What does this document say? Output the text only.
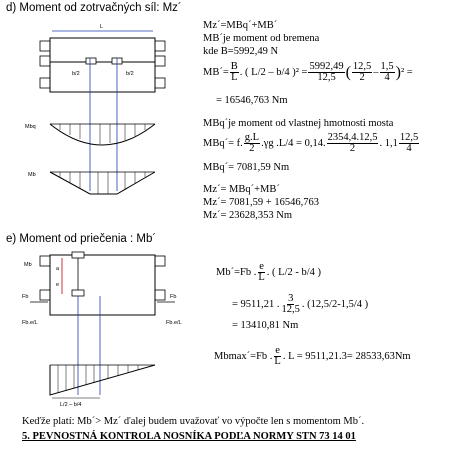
d) Moment od zotrvačných síl: Mz´
L
b/2	b/2
Mbq
Mb
Mz´=MBq´+MB´
MB´je moment od bremena
kde B=5992,49 N
MB´= $\frac{B}{L}$ . ( L/2 – b/4 )$^2 = \frac{5992,49}{12,5}$ ( $\frac{12,5}{2} - \frac{1,5}{4}$ ) ² =
= 16546,763 Nm
MBq´je moment od vlastnej hmotnosti mosta
MBq´= f. $\frac{g.L}{2} .\gamma g$ .L/4 = 0,14. $\frac{2354,4.12,5}{2}$ . $1,1 \frac{12,5}{4}$
MBq´= 7081,59 Nm
Mz´= MBq´+MB´
Mz´= 7081,59 + 16546,763
Mz´= 23628,353 Nm
e) Moment od priečenia : Mb´
Mb
a
e
Fb	Fb
Fb.e/L	Fb.e/L
L/2 – b/4
Mb´=Fb . $\frac{e}{L}$ . ( L/2 - b/4 )
= 9511,21 . $\frac{3}{12,5}$ . (12,5/2-1,5/4 )
= 13410,81 Nm
Mbmax´=Fb . $\frac{e}{L}$ . L = 9511,21.3= 28533,63Nm
Keďže platí: Mb´> Mz´ ďalej budem uvažovať vo výpočte len s momentom Mb´.
5. PEVNOSTNÁ KONTROLA NOSNÍKA PODĽA NORMY STN 73 14 01
